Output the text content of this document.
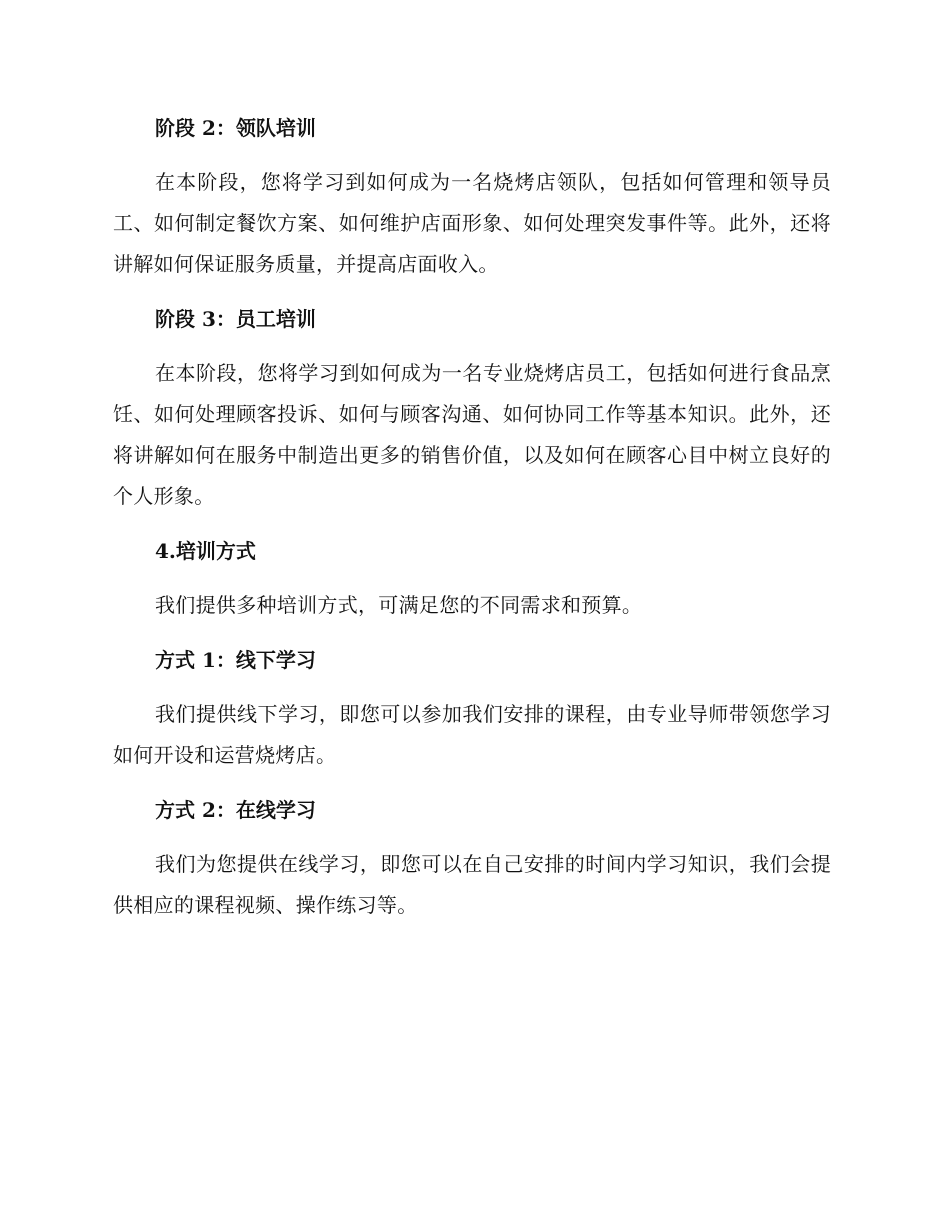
阶段 2：领队培训

在本阶段，您将学习到如何成为一名烧烤店领队，包括如何管理和领导员工、如何制定餐饮方案、如何维护店面形象、如何处理突发事件等。此外，还将讲解如何保证服务质量，并提高店面收入。

阶段 3：员工培训

在本阶段，您将学习到如何成为一名专业烧烤店员工，包括如何进行食品烹饪、如何处理顾客投诉、如何与顾客沟通、如何协同工作等基本知识。此外，还将讲解如何在服务中制造出更多的销售价值，以及如何在顾客心目中树立良好的个人形象。

4.培训方式

我们提供多种培训方式，可满足您的不同需求和预算。

方式 1：线下学习

我们提供线下学习，即您可以参加我们安排的课程，由专业导师带领您学习如何开设和运营烧烤店。

方式 2：在线学习

我们为您提供在线学习，即您可以在自己安排的时间内学习知识，我们会提供相应的课程视频、操作练习等。
